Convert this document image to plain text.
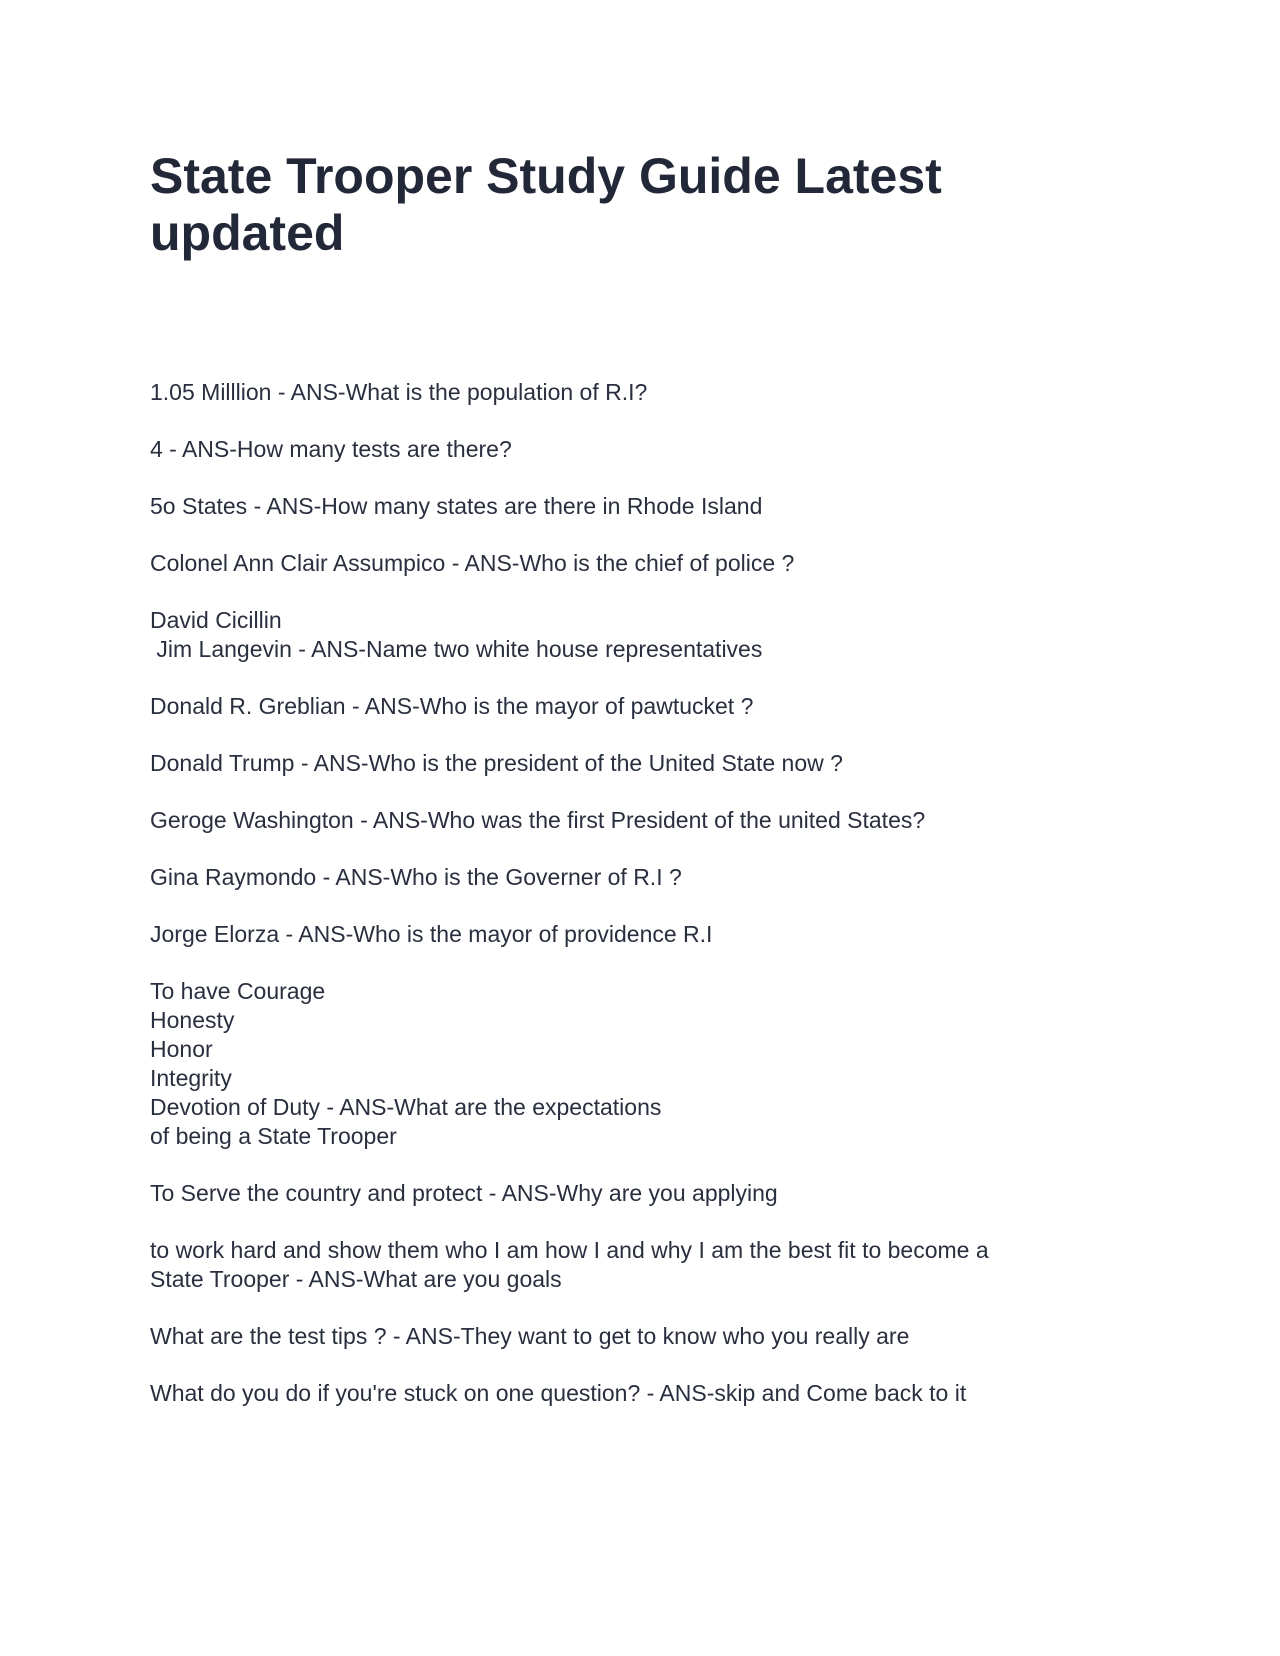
State Trooper Study Guide Latest updated

1.05 Milllion - ANS-What is the population of R.I?

4 - ANS-How many tests are there?

5o States - ANS-How many states are there in Rhode Island

Colonel Ann Clair Assumpico - ANS-Who is the chief of police ?

David Cicillin
Jim Langevin - ANS-Name two white house representatives

Donald R. Greblian - ANS-Who is the mayor of pawtucket ?

Donald Trump - ANS-Who is the president of the United State now ?

Geroge Washington - ANS-Who was the first President of the united States?

Gina Raymondo - ANS-Who is the Governer of R.I ?

Jorge Elorza - ANS-Who is the mayor of providence R.I

To have Courage
Honesty
Honor
Integrity
Devotion of Duty - ANS-What are the expectations
of being a State Trooper

To Serve the country and protect - ANS-Why are you applying

to work hard and show them who I am how I and why I am the best fit to become a
State Trooper - ANS-What are you goals

What are the test tips ? - ANS-They want to get to know who you really are

What do you do if you're stuck on one question? - ANS-skip and Come back to it
